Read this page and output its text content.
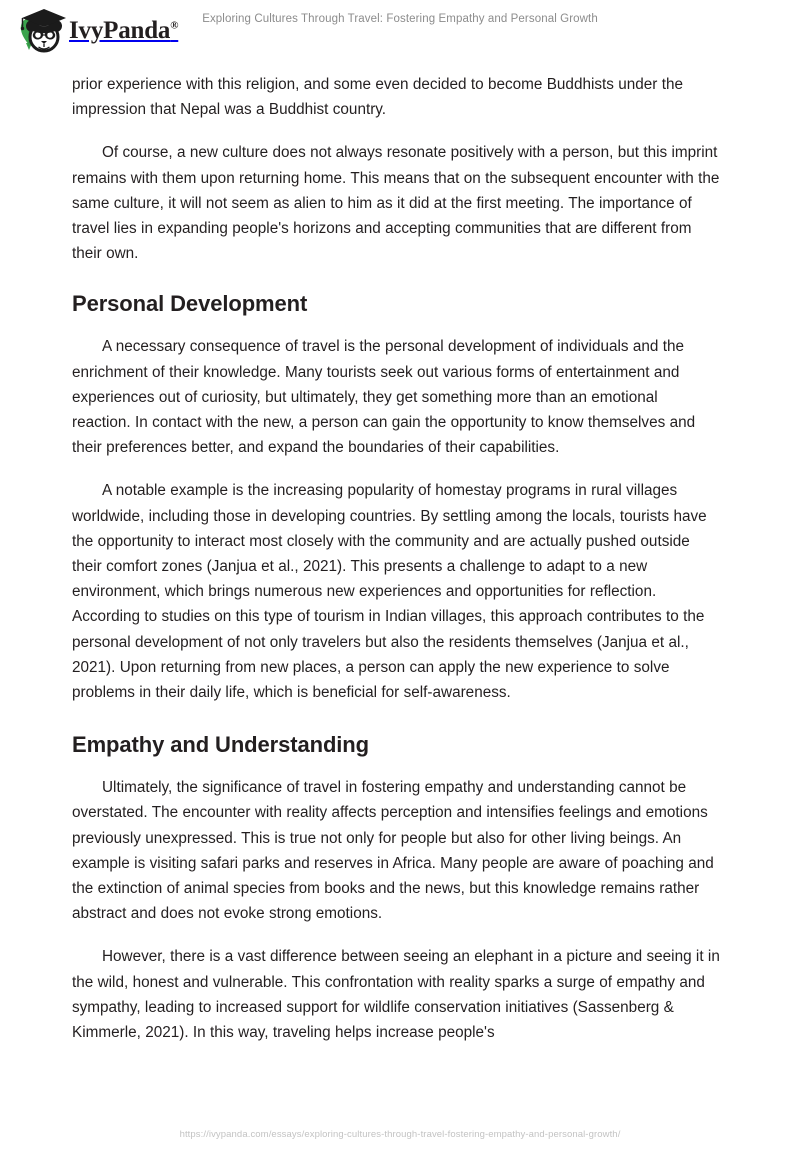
IvyPanda®
Exploring Cultures Through Travel: Fostering Empathy and Personal Growth

prior experience with this religion, and some even decided to become Buddhists under the impression that Nepal was a Buddhist country.

Of course, a new culture does not always resonate positively with a person, but this imprint remains with them upon returning home. This means that on the subsequent encounter with the same culture, it will not seem as alien to him as it did at the first meeting. The importance of travel lies in expanding people's horizons and accepting communities that are different from their own.

Personal Development

A necessary consequence of travel is the personal development of individuals and the enrichment of their knowledge. Many tourists seek out various forms of entertainment and experiences out of curiosity, but ultimately, they get something more than an emotional reaction. In contact with the new, a person can gain the opportunity to know themselves and their preferences better, and expand the boundaries of their capabilities.

A notable example is the increasing popularity of homestay programs in rural villages worldwide, including those in developing countries. By settling among the locals, tourists have the opportunity to interact most closely with the community and are actually pushed outside their comfort zones (Janjua et al., 2021). This presents a challenge to adapt to a new environment, which brings numerous new experiences and opportunities for reflection. According to studies on this type of tourism in Indian villages, this approach contributes to the personal development of not only travelers but also the residents themselves (Janjua et al., 2021). Upon returning from new places, a person can apply the new experience to solve problems in their daily life, which is beneficial for self-awareness.

Empathy and Understanding

Ultimately, the significance of travel in fostering empathy and understanding cannot be overstated. The encounter with reality affects perception and intensifies feelings and emotions previously unexpressed. This is true not only for people but also for other living beings. An example is visiting safari parks and reserves in Africa. Many people are aware of poaching and the extinction of animal species from books and the news, but this knowledge remains rather abstract and does not evoke strong emotions.

However, there is a vast difference between seeing an elephant in a picture and seeing it in the wild, honest and vulnerable. This confrontation with reality sparks a surge of empathy and sympathy, leading to increased support for wildlife conservation initiatives (Sassenberg & Kimmerle, 2021). In this way, traveling helps increase people's

https://ivypanda.com/essays/exploring-cultures-through-travel-fostering-empathy-and-personal-growth/
